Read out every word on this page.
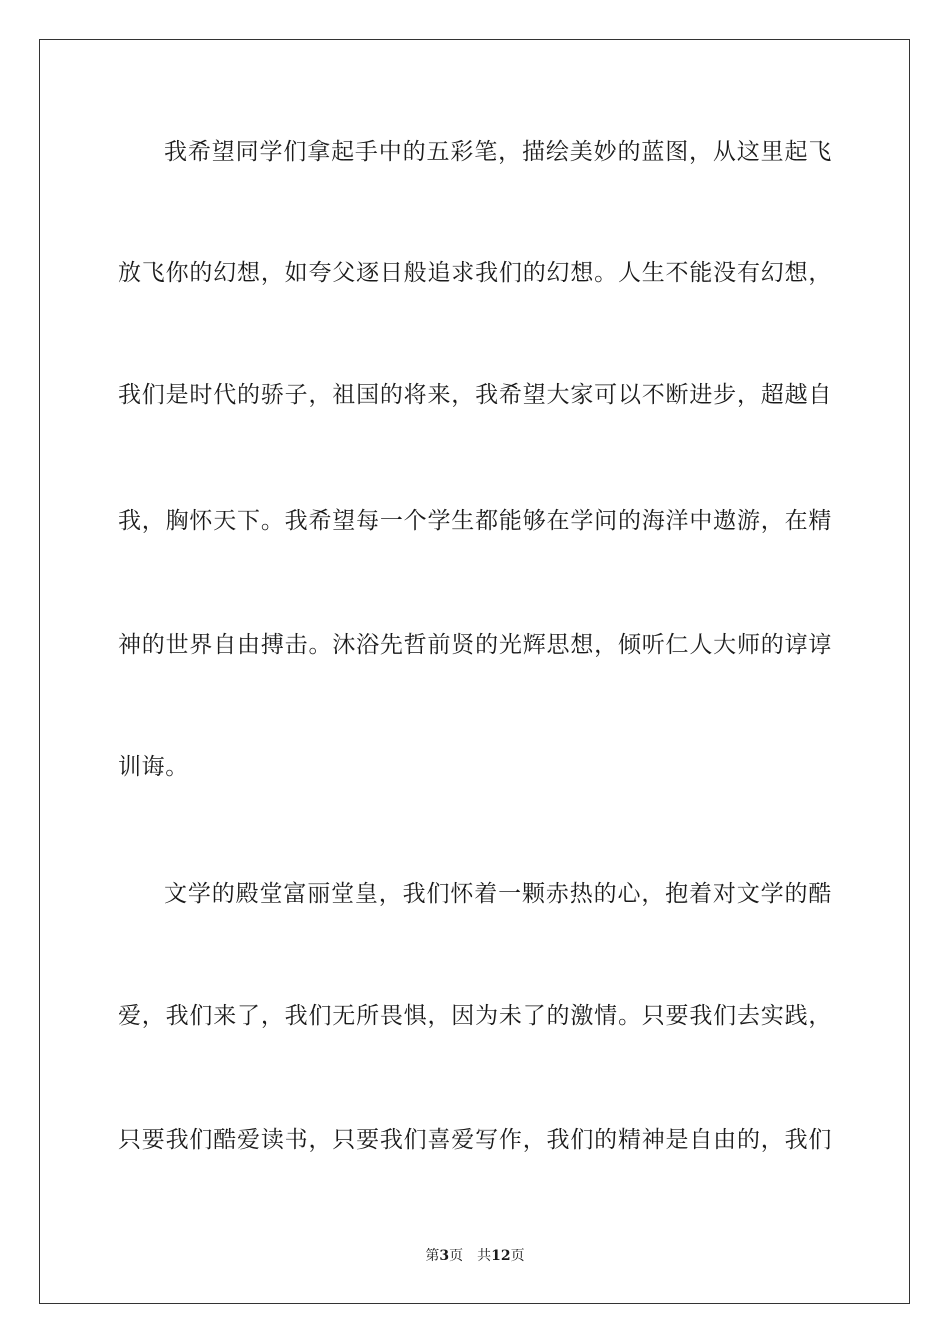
我希望同学们拿起手中的五彩笔，描绘美妙的蓝图，从这里起飞
放飞你的幻想，如夸父逐日般追求我们的幻想。人生不能没有幻想，
我们是时代的骄子，祖国的将来，我希望大家可以不断进步，超越自
我，胸怀天下。我希望每一个学生都能够在学问的海洋中遨游，在精
神的世界自由搏击。沐浴先哲前贤的光辉思想，倾听仁人大师的谆谆
训诲。
文学的殿堂富丽堂皇，我们怀着一颗赤热的心，抱着对文学的酷
爱，我们来了，我们无所畏惧，因为未了的激情。只要我们去实践，
只要我们酷爱读书，只要我们喜爱写作，我们的精神是自由的，我们
第3页 共12页
